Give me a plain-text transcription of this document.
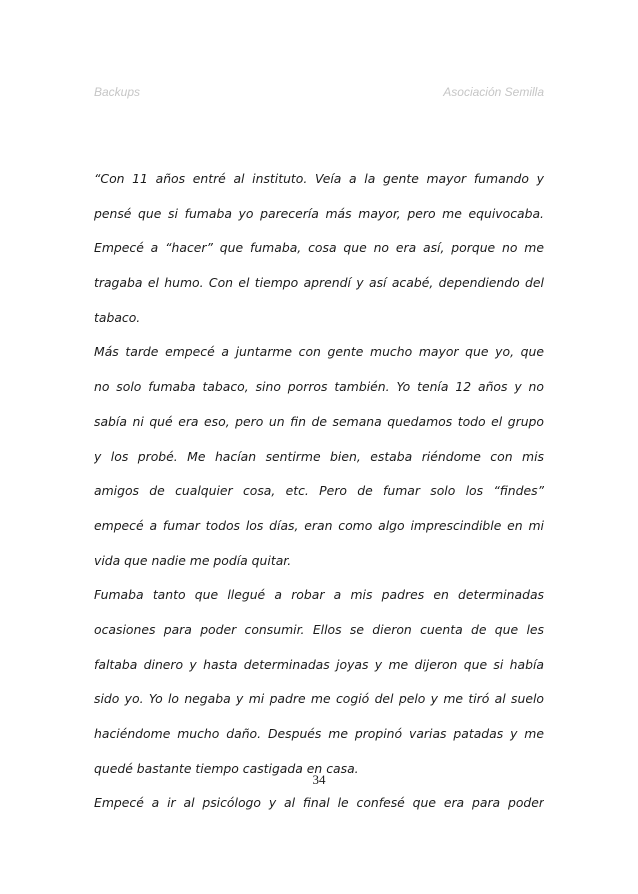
Backups	Asociación Semilla
“Con 11 años entré al instituto. Veía a la gente mayor fumando y
pensé que si fumaba yo parecería más mayor, pero me equivocaba.
Empecé a “hacer” que fumaba, cosa que no era así, porque no me
tragaba el humo. Con el tiempo aprendí y así acabé, dependiendo del
tabaco.
Más tarde empecé a juntarme con gente mucho mayor que yo, que
no solo fumaba tabaco, sino porros también. Yo tenía 12 años y no
sabía ni qué era eso, pero un fin de semana quedamos todo el grupo
y los probé. Me hacían sentirme bien, estaba riéndome con mis
amigos de cualquier cosa, etc. Pero de fumar solo los “findes”
empecé a fumar todos los días, eran como algo imprescindible en mi
vida que nadie me podía quitar.
Fumaba tanto que llegué a robar a mis padres en determinadas
ocasiones para poder consumir. Ellos se dieron cuenta de que les
faltaba dinero y hasta determinadas joyas y me dijeron que si había
sido yo. Yo lo negaba y mi padre me cogió del pelo y me tiró al suelo
haciéndome mucho daño. Después me propinó varias patadas y me
quedé bastante tiempo castigada en casa.
Empecé a ir al psicólogo y al final le confesé que era para poder
34
